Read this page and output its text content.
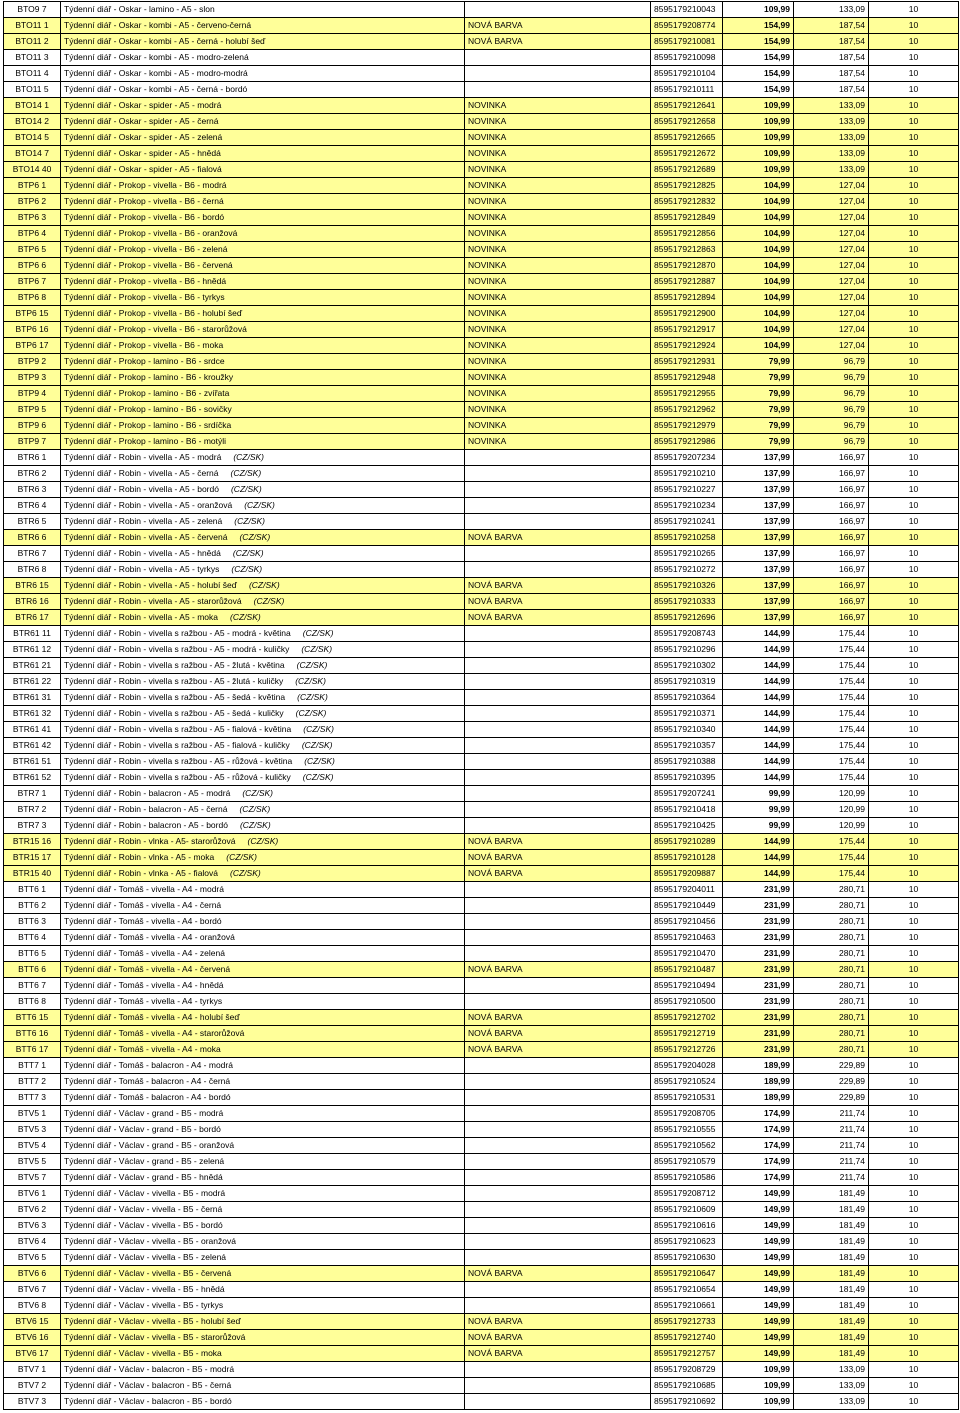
BTO9 7	Týdenní diář - Oskar - lamino - A5 - slon		8595179210043	109,99	133,09	10
BTO11 1	Týdenní diář - Oskar - kombi - A5 - červeno-černá	NOVÁ BARVA	8595179208774	154,99	187,54	10
BTO11 2	Týdenní diář - Oskar - kombi - A5 - černá - holubí šeď	NOVÁ BARVA	8595179210081	154,99	187,54	10
BTO11 3	Týdenní diář - Oskar - kombi - A5 - modro-zelená		8595179210098	154,99	187,54	10
BTO11 4	Týdenní diář - Oskar - kombi - A5 - modro-modrá		8595179210104	154,99	187,54	10
BTO11 5	Týdenní diář - Oskar - kombi - A5 - černá - bordó		8595179210111	154,99	187,54	10
BTO14 1	Týdenní diář - Oskar - spider - A5 - modrá	NOVINKA	8595179212641	109,99	133,09	10
BTO14 2	Týdenní diář - Oskar - spider - A5 - černá	NOVINKA	8595179212658	109,99	133,09	10
BTO14 5	Týdenní diář - Oskar - spider - A5 - zelená	NOVINKA	8595179212665	109,99	133,09	10
BTO14 7	Týdenní diář - Oskar - spider - A5 - hnědá	NOVINKA	8595179212672	109,99	133,09	10
BTO14 40	Týdenní diář - Oskar - spider - A5 - fialová	NOVINKA	8595179212689	109,99	133,09	10
BTP6 1	Týdenní diář - Prokop - vivella - B6 - modrá	NOVINKA	8595179212825	104,99	127,04	10
BTP6 2	Týdenní diář - Prokop - vivella - B6 - černá	NOVINKA	8595179212832	104,99	127,04	10
BTP6 3	Týdenní diář - Prokop - vivella - B6 - bordó	NOVINKA	8595179212849	104,99	127,04	10
BTP6 4	Týdenní diář - Prokop - vivella - B6 - oranžová	NOVINKA	8595179212856	104,99	127,04	10
BTP6 5	Týdenní diář - Prokop - vivella - B6 - zelená	NOVINKA	8595179212863	104,99	127,04	10
BTP6 6	Týdenní diář - Prokop - vivella - B6 - červená	NOVINKA	8595179212870	104,99	127,04	10
BTP6 7	Týdenní diář - Prokop - vivella - B6 - hnědá	NOVINKA	8595179212887	104,99	127,04	10
BTP6 8	Týdenní diář - Prokop - vivella - B6 - tyrkys	NOVINKA	8595179212894	104,99	127,04	10
BTP6 15	Týdenní diář - Prokop - vivella - B6 - holubí šeď	NOVINKA	8595179212900	104,99	127,04	10
BTP6 16	Týdenní diář - Prokop - vivella - B6 - starorůžová	NOVINKA	8595179212917	104,99	127,04	10
BTP6 17	Týdenní diář - Prokop - vivella - B6 - moka	NOVINKA	8595179212924	104,99	127,04	10
BTP9 2	Týdenní diář - Prokop - lamino - B6 - srdce	NOVINKA	8595179212931	79,99	96,79	10
BTP9 3	Týdenní diář - Prokop - lamino - B6 - kroužky	NOVINKA	8595179212948	79,99	96,79	10
BTP9 4	Týdenní diář - Prokop - lamino - B6 - zvířata	NOVINKA	8595179212955	79,99	96,79	10
BTP9 5	Týdenní diář - Prokop - lamino - B6 - sovičky	NOVINKA	8595179212962	79,99	96,79	10
BTP9 6	Týdenní diář - Prokop - lamino - B6 - srdíčka	NOVINKA	8595179212979	79,99	96,79	10
BTP9 7	Týdenní diář - Prokop - lamino - B6 - motýli	NOVINKA	8595179212986	79,99	96,79	10
BTR6 1	Týdenní diář - Robin - vivella - A5 - modrá (CZ/SK)		8595179207234	137,99	166,97	10
BTR6 2	Týdenní diář - Robin - vivella - A5 - černá (CZ/SK)		8595179210210	137,99	166,97	10
BTR6 3	Týdenní diář - Robin - vivella - A5 - bordó (CZ/SK)		8595179210227	137,99	166,97	10
BTR6 4	Týdenní diář - Robin - vivella - A5 - oranžová (CZ/SK)		8595179210234	137,99	166,97	10
BTR6 5	Týdenní diář - Robin - vivella - A5 - zelená (CZ/SK)		8595179210241	137,99	166,97	10
BTR6 6	Týdenní diář - Robin - vivella - A5 - červená (CZ/SK)	NOVÁ BARVA	8595179210258	137,99	166,97	10
BTR6 7	Týdenní diář - Robin - vivella - A5 - hnědá (CZ/SK)		8595179210265	137,99	166,97	10
BTR6 8	Týdenní diář - Robin - vivella - A5 - tyrkys (CZ/SK)		8595179210272	137,99	166,97	10
BTR6 15	Týdenní diář - Robin - vivella - A5 - holubí šeď (CZ/SK)	NOVÁ BARVA	8595179210326	137,99	166,97	10
BTR6 16	Týdenní diář - Robin - vivella - A5 - starorůžová (CZ/SK)	NOVÁ BARVA	8595179210333	137,99	166,97	10
BTR6 17	Týdenní diář - Robin - vivella - A5 - moka (CZ/SK)	NOVÁ BARVA	8595179212696	137,99	166,97	10
BTR61 11	Týdenní diář - Robin - vivella s ražbou - A5 - modrá - květina (CZ/SK)		8595179208743	144,99	175,44	10
BTR61 12	Týdenní diář - Robin - vivella s ražbou - A5 - modrá - kuličky (CZ/SK)		8595179210296	144,99	175,44	10
BTR61 21	Týdenní diář - Robin - vivella s ražbou - A5 - žlutá - květina (CZ/SK)		8595179210302	144,99	175,44	10
BTR61 22	Týdenní diář - Robin - vivella s ražbou - A5 - žlutá - kuličky (CZ/SK)		8595179210319	144,99	175,44	10
BTR61 31	Týdenní diář - Robin - vivella s ražbou - A5 - šedá - květina (CZ/SK)		8595179210364	144,99	175,44	10
BTR61 32	Týdenní diář - Robin - vivella s ražbou - A5 - šedá - kuličky (CZ/SK)		8595179210371	144,99	175,44	10
BTR61 41	Týdenní diář - Robin - vivella s ražbou - A5 - fialová - květina (CZ/SK)		8595179210340	144,99	175,44	10
BTR61 42	Týdenní diář - Robin - vivella s ražbou - A5 - fialová - kuličky (CZ/SK)		8595179210357	144,99	175,44	10
BTR61 51	Týdenní diář - Robin - vivella s ražbou - A5 - růžová - květina (CZ/SK)		8595179210388	144,99	175,44	10
BTR61 52	Týdenní diář - Robin - vivella s ražbou - A5 - růžová - kuličky (CZ/SK)		8595179210395	144,99	175,44	10
BTR7 1	Týdenní diář - Robin - balacron - A5 - modrá (CZ/SK)		8595179207241	99,99	120,99	10
BTR7 2	Týdenní diář - Robin - balacron - A5 - černá (CZ/SK)		8595179210418	99,99	120,99	10
BTR7 3	Týdenní diář - Robin - balacron - A5 - bordó (CZ/SK)		8595179210425	99,99	120,99	10
BTR15 16	Týdenní diář - Robin - vlnka - A5- starorůžová (CZ/SK)	NOVÁ BARVA	8595179210289	144,99	175,44	10
BTR15 17	Týdenní diář - Robin - vlnka - A5 - moka (CZ/SK)	NOVÁ BARVA	8595179210128	144,99	175,44	10
BTR15 40	Týdenní diář - Robin - vlnka - A5 - fialová (CZ/SK)	NOVÁ BARVA	8595179209887	144,99	175,44	10
BTT6 1	Týdenní diář - Tomáš - vivella - A4 - modrá		8595179204011	231,99	280,71	10
BTT6 2	Týdenní diář - Tomáš - vivella - A4 - černá		8595179210449	231,99	280,71	10
BTT6 3	Týdenní diář - Tomáš - vivella - A4 - bordó		8595179210456	231,99	280,71	10
BTT6 4	Týdenní diář - Tomáš - vivella - A4 - oranžová		8595179210463	231,99	280,71	10
BTT6 5	Týdenní diář - Tomáš - vivella - A4 - zelená		8595179210470	231,99	280,71	10
BTT6 6	Týdenní diář - Tomáš - vivella - A4 - červená	NOVÁ BARVA	8595179210487	231,99	280,71	10
BTT6 7	Týdenní diář - Tomáš - vivella - A4 - hnědá		8595179210494	231,99	280,71	10
BTT6 8	Týdenní diář - Tomáš - vivella - A4 - tyrkys		8595179210500	231,99	280,71	10
BTT6 15	Týdenní diář - Tomáš - vivella - A4 - holubí šeď	NOVÁ BARVA	8595179212702	231,99	280,71	10
BTT6 16	Týdenní diář - Tomáš - vivella - A4 - starorůžová	NOVÁ BARVA	8595179212719	231,99	280,71	10
BTT6 17	Týdenní diář - Tomáš - vivella - A4 - moka	NOVÁ BARVA	8595179212726	231,99	280,71	10
BTT7 1	Týdenní diář - Tomáš - balacron - A4 - modrá		8595179204028	189,99	229,89	10
BTT7 2	Týdenní diář - Tomáš - balacron - A4 - černá		8595179210524	189,99	229,89	10
BTT7 3	Týdenní diář - Tomáš - balacron - A4 - bordó		8595179210531	189,99	229,89	10
BTV5 1	Týdenní diář - Václav - grand - B5 - modrá		8595179208705	174,99	211,74	10
BTV5 3	Týdenní diář - Václav - grand - B5 - bordó		8595179210555	174,99	211,74	10
BTV5 4	Týdenní diář - Václav - grand - B5 - oranžová		8595179210562	174,99	211,74	10
BTV5 5	Týdenní diář - Václav - grand - B5 - zelená		8595179210579	174,99	211,74	10
BTV5 7	Týdenní diář - Václav - grand - B5 - hnědá		8595179210586	174,99	211,74	10
BTV6 1	Týdenní diář - Václav - vivella - B5 - modrá		8595179208712	149,99	181,49	10
BTV6 2	Týdenní diář - Václav - vivella - B5 - černá		8595179210609	149,99	181,49	10
BTV6 3	Týdenní diář - Václav - vivella - B5 - bordó		8595179210616	149,99	181,49	10
BTV6 4	Týdenní diář - Václav - vivella - B5 - oranžová		8595179210623	149,99	181,49	10
BTV6 5	Týdenní diář - Václav - vivella - B5 - zelená		8595179210630	149,99	181,49	10
BTV6 6	Týdenní diář - Václav - vivella - B5 - červená	NOVÁ BARVA	8595179210647	149,99	181,49	10
BTV6 7	Týdenní diář - Václav - vivella - B5 - hnědá		8595179210654	149,99	181,49	10
BTV6 8	Týdenní diář - Václav - vivella - B5 - tyrkys		8595179210661	149,99	181,49	10
BTV6 15	Týdenní diář - Václav - vivella - B5 - holubí šeď	NOVÁ BARVA	8595179212733	149,99	181,49	10
BTV6 16	Týdenní diář - Václav - vivella - B5 - starorůžová	NOVÁ BARVA	8595179212740	149,99	181,49	10
BTV6 17	Týdenní diář - Václav - vivella - B5 - moka	NOVÁ BARVA	8595179212757	149,99	181,49	10
BTV7 1	Týdenní diář - Václav - balacron - B5 - modrá		8595179208729	109,99	133,09	10
BTV7 2	Týdenní diář - Václav - balacron - B5 - černá		8595179210685	109,99	133,09	10
BTV7 3	Týdenní diář - Václav - balacron - B5 - bordó		8595179210692	109,99	133,09	10
